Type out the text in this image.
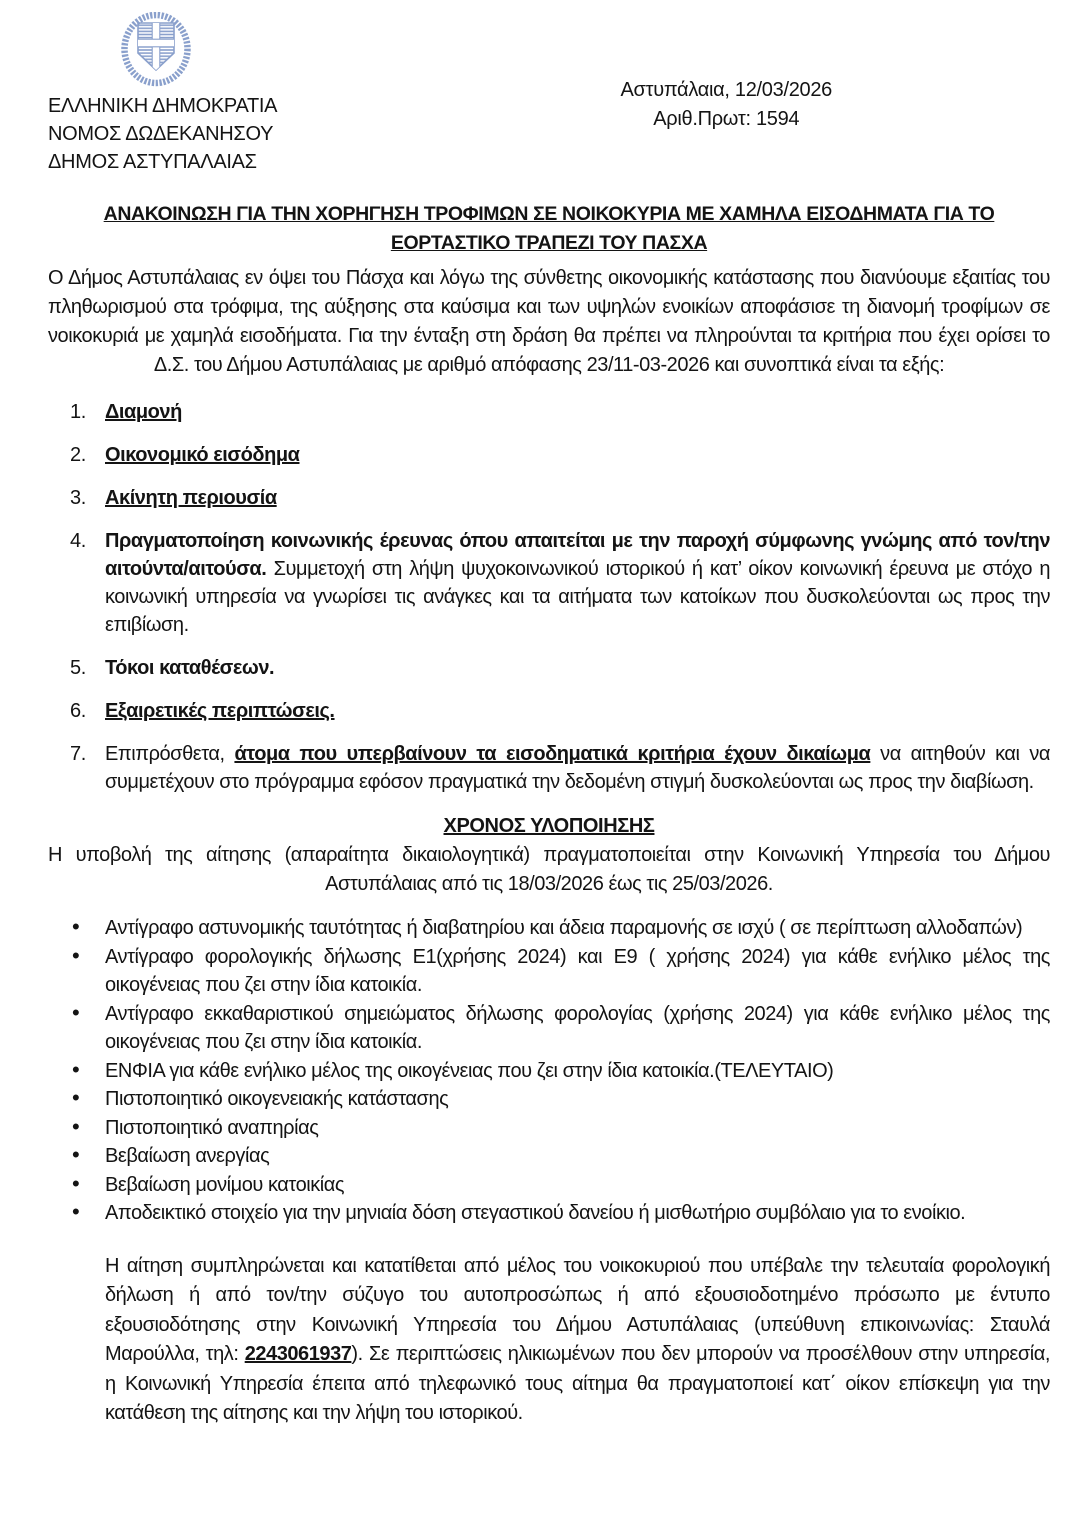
ΕΛΛΗΝΙΚΗ ΔΗΜΟΚΡΑΤΙΑ
ΝΟΜΟΣ ΔΩΔΕΚΑΝΗΣΟΥ
ΔΗΜΟΣ ΑΣΤΥΠΑΛΑΙΑΣ
Αστυπάλαια, 12/03/2026
Αριθ.Πρωτ: 1594
ΑΝΑΚΟΙΝΩΣΗ ΓΙΑ ΤΗΝ ΧΟΡΗΓΗΣΗ ΤΡΟΦΙΜΩΝ ΣΕ ΝΟΙΚΟΚΥΡΙΑ ΜΕ ΧΑΜΗΛΑ ΕΙΣΟΔΗΜΑΤΑ ΓΙΑ ΤΟ ΕΟΡΤΑΣΤΙΚΟ ΤΡΑΠΕΖΙ ΤΟΥ ΠΑΣΧΑ

Ο Δήμος Αστυπάλαιας εν όψει του Πάσχα και λόγω της σύνθετης οικονομικής κατάστασης που διανύουμε εξαιτίας του πληθωρισμού στα τρόφιμα, της αύξησης στα καύσιμα και των υψηλών ενοικίων αποφάσισε τη διανομή τροφίμων σε νοικοκυριά με χαμηλά εισοδήματα. Για την ένταξη στη δράση θα πρέπει να πληρούνται τα κριτήρια που έχει ορίσει το Δ.Σ. του Δήμου Αστυπάλαιας με αριθμό απόφασης 23/11-03-2026 και συνοπτικά είναι τα εξής:

Διαμονή
Οικονομικό εισόδημα
Ακίνητη περιουσία
Πραγματοποίηση κοινωνικής έρευνας όπου απαιτείται με την παροχή σύμφωνης γνώμης από τον/την αιτούντα/αιτούσα. Συμμετοχή στη λήψη ψυχοκοινωνικού ιστορικού ή κατ’ οίκον κοινωνική έρευνα με στόχο η κοινωνική υπηρεσία να γνωρίσει τις ανάγκες και τα αιτήματα των κατοίκων που δυσκολεύονται ως προς την επιβίωση.
Τόκοι καταθέσεων.
Εξαιρετικές περιπτώσεις.
Επιπρόσθετα, άτομα που υπερβαίνουν τα εισοδηματικά κριτήρια έχουν δικαίωμα να αιτηθούν και να συμμετέχουν στο πρόγραμμα εφόσον πραγματικά την δεδομένη στιγμή δυσκολεύονται ως προς την διαβίωση.
ΧΡΟΝΟΣ ΥΛΟΠΟΙΗΣΗΣ

Η υποβολή της αίτησης (απαραίτητα δικαιολογητικά) πραγματοποιείται στην Κοινωνική Υπηρεσία του Δήμου Αστυπάλαιας από τις 18/03/2026 έως τις 25/03/2026.

• Αντίγραφο αστυνομικής ταυτότητας ή διαβατηρίου και άδεια παραμονής σε ισχύ ( σε περίπτωση αλλοδαπών)
• Αντίγραφο φορολογικής δήλωσης Ε1(χρήσης 2024) και Ε9 ( χρήσης 2024) για κάθε ενήλικο μέλος της οικογένειας που ζει στην ίδια κατοικία.
• Αντίγραφο εκκαθαριστικού σημειώματος δήλωσης φορολογίας (χρήσης 2024) για κάθε ενήλικο μέλος της οικογένειας που ζει στην ίδια κατοικία.
• ΕΝΦΙΑ για κάθε ενήλικο μέλος της οικογένειας που ζει στην ίδια κατοικία.(ΤΕΛΕΥΤΑΙΟ)
• Πιστοποιητικό οικογενειακής κατάστασης
• Πιστοποιητικό αναπηρίας
• Βεβαίωση ανεργίας
• Βεβαίωση μονίμου κατοικίας
• Αποδεικτικό στοιχείο για την μηνιαία δόση στεγαστικού δανείου ή μισθωτήριο συμβόλαιο για το ενοίκιο.

Η αίτηση συμπληρώνεται και κατατίθεται από μέλος του νοικοκυριού που υπέβαλε την τελευταία φορολογική δήλωση ή από τον/την σύζυγο του αυτοπροσώπως ή από εξουσιοδοτημένο πρόσωπο με έντυπο εξουσιοδότησης στην Κοινωνική Υπηρεσία του Δήμου Αστυπάλαιας (υπεύθυνη επικοινωνίας: Σταυλά Μαρούλλα, τηλ: 2243061937). Σε περιπτώσεις ηλικιωμένων που δεν μπορούν να προσέλθουν στην υπηρεσία, η Κοινωνική Υπηρεσία έπειτα από τηλεφωνικό τους αίτημα θα πραγματοποιεί κατ΄ οίκον επίσκεψη για την κατάθεση της αίτησης και την λήψη του ιστορικού.
